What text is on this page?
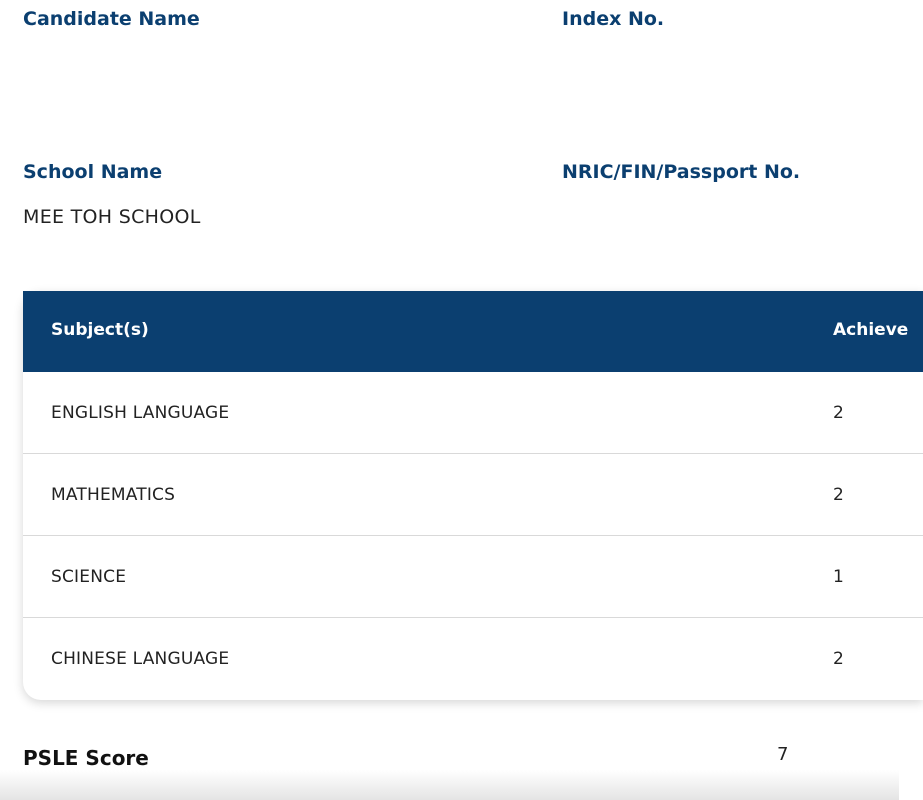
Candidate Name	Index No.
School Name	NRIC/FIN/Passport No.
MEE TOH SCHOOL
Subject(s)	Achieve
ENGLISH LANGUAGE	2
MATHEMATICS	2
SCIENCE	1
CHINESE LANGUAGE	2
PSLE Score	7
